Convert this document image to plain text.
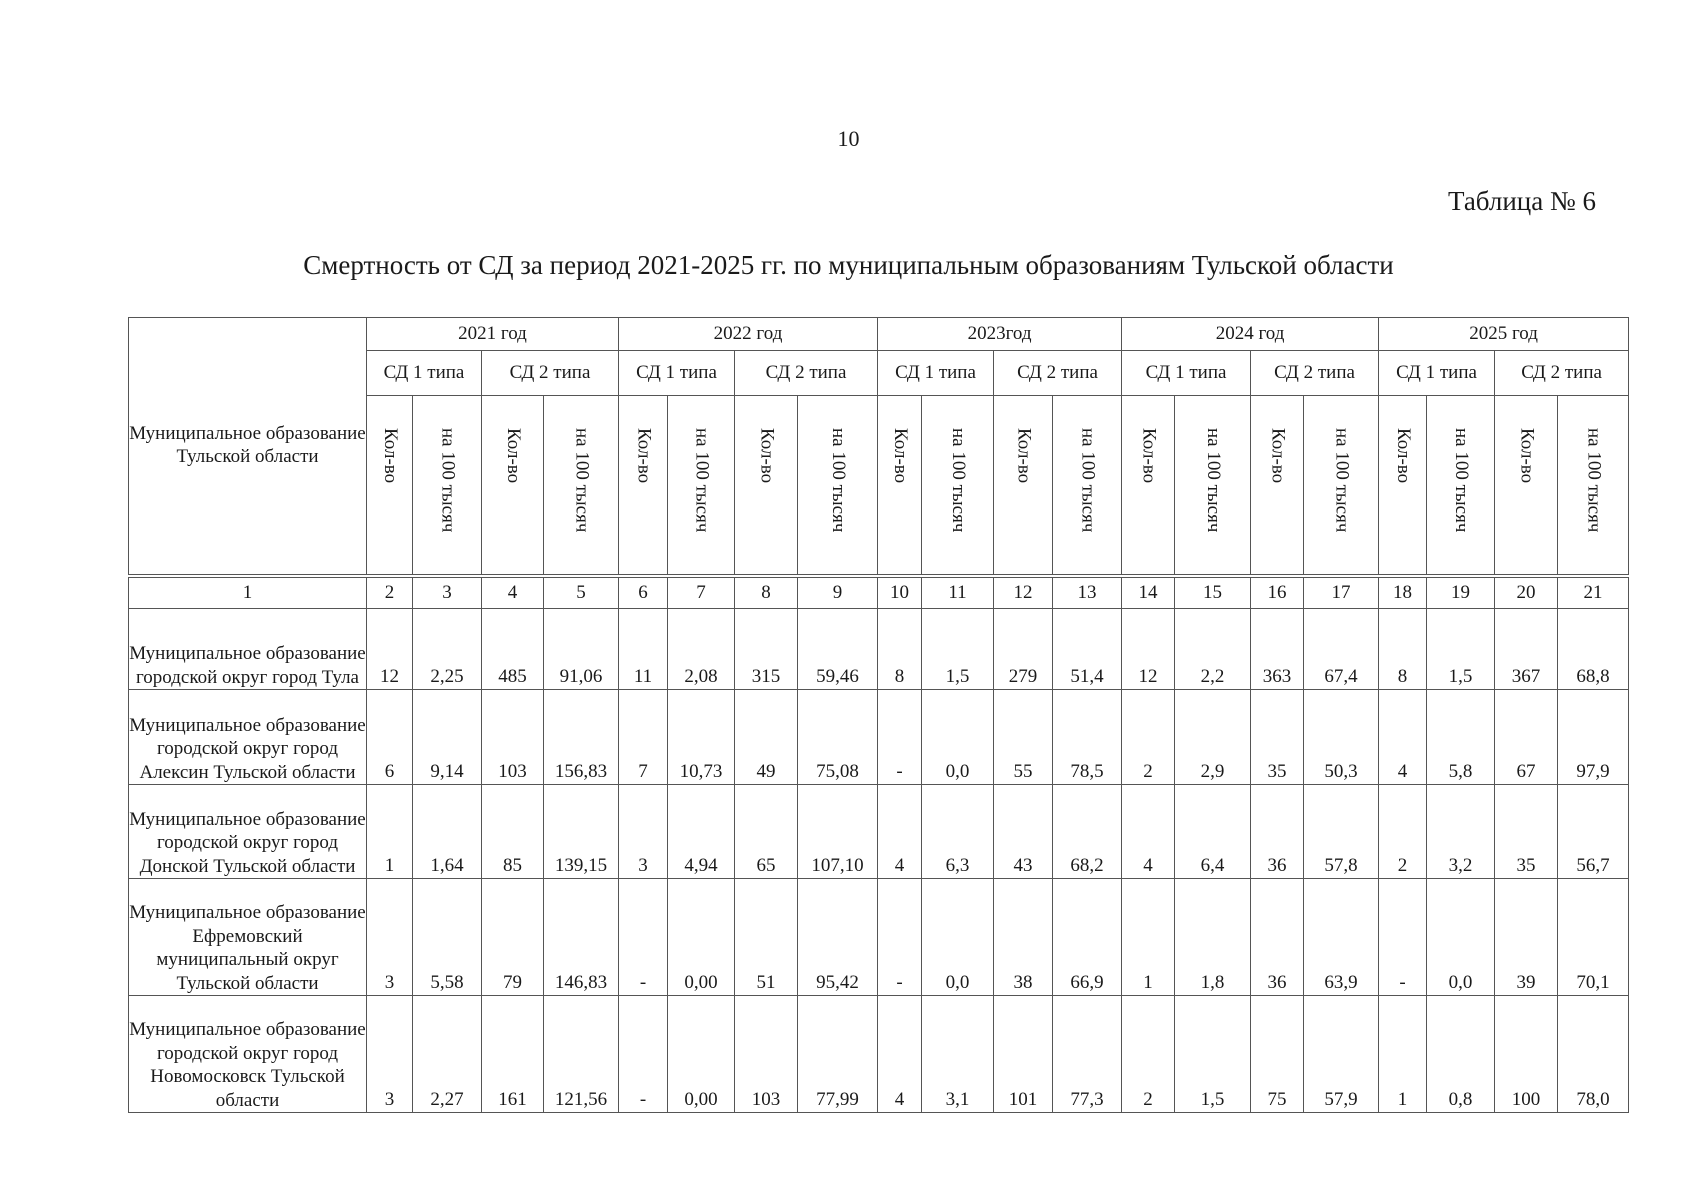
10
Таблица № 6
Смертность от СД за период 2021-2025 гг. по муниципальным образованиям Тульской области
Муниципальное образование Тульской области	2021 год				2022 год				2023год				2024 год				2025 год			
	СД 1 типа		СД 2 типа		СД 1 типа		СД 2 типа		СД 1 типа		СД 2 типа		СД 1 типа		СД 2 типа		СД 1 типа		СД 2 типа	
	Кол-во	на 100 тысяч	Кол-во	на 100 тысяч	Кол-во	на 100 тысяч	Кол-во	на 100 тысяч	Кол-во	на 100 тысяч	Кол-во	на 100 тысяч	Кол-во	на 100 тысяч	Кол-во	на 100 тысяч	Кол-во	на 100 тысяч	Кол-во	на 100 тысяч
1	2	3	4	5	6	7	8	9	10	11	12	13	14	15	16	17	18	19	20	21
Муниципальное образование городской округ город Тула	12	2,25	485	91,06	11	2,08	315	59,46	8	1,5	279	51,4	12	2,2	363	67,4	8	1,5	367	68,8
Муниципальное образование городской округ город Алексин Тульской области	6	9,14	103	156,83	7	10,73	49	75,08	-	0,0	55	78,5	2	2,9	35	50,3	4	5,8	67	97,9
Муниципальное образование городской округ город Донской Тульской области	1	1,64	85	139,15	3	4,94	65	107,10	4	6,3	43	68,2	4	6,4	36	57,8	2	3,2	35	56,7
Муниципальное образование Ефремовский муниципальный округ Тульской области	3	5,58	79	146,83	-	0,00	51	95,42	-	0,0	38	66,9	1	1,8	36	63,9	-	0,0	39	70,1
Муниципальное образование городской округ город Новомосковск Тульской области	3	2,27	161	121,56	-	0,00	103	77,99	4	3,1	101	77,3	2	1,5	75	57,9	1	0,8	100	78,0
